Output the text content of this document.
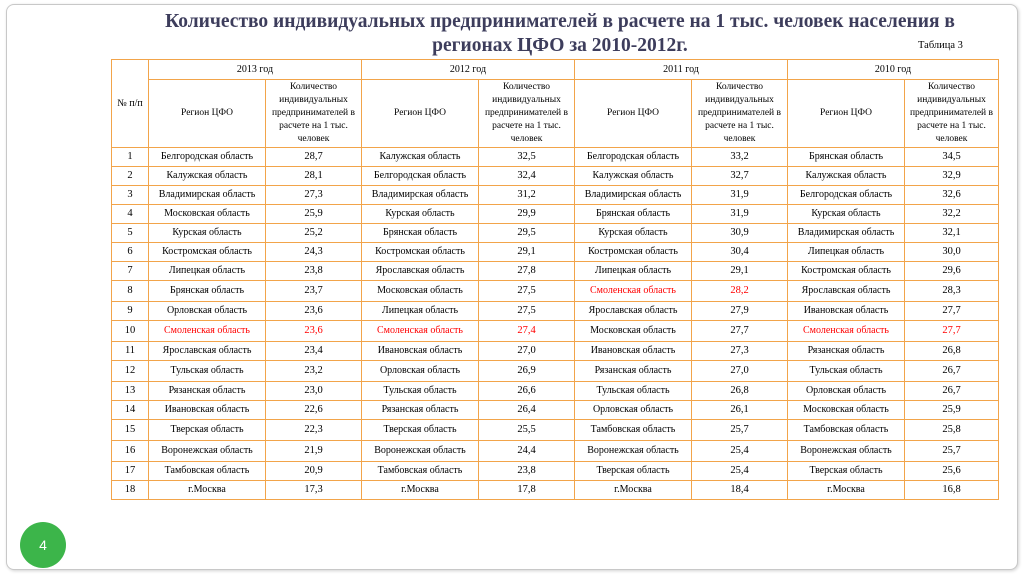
Количество индивидуальных предпринимателей в расчете на 1 тыс. человек населения в регионах ЦФО за 2010-2012г.	Таблица 3
№ п/п	2013 год		2012 год		2011 год		2010 год	
	Регион ЦФО	Количество индивидуальных предпринимателей в расчете на 1 тыс. человек	Регион ЦФО	Количество индивидуальных предпринимателей в расчете на 1 тыс. человек	Регион ЦФО	Количество индивидуальных предпринимателей в расчете на 1 тыс. человек	Регион ЦФО	Количество индивидуальных предпринимателей в расчете на 1 тыс. человек
1	Белгородская область	28,7	Калужская область	32,5	Белгородская область	33,2	Брянская область	34,5
2	Калужская область	28,1	Белгородская область	32,4	Калужская область	32,7	Калужская область	32,9
3	Владимирская область	27,3	Владимирская область	31,2	Владимирская область	31,9	Белгородская область	32,6
4	Московская область	25,9	Курская область	29,9	Брянская область	31,9	Курская область	32,2
5	Курская область	25,2	Брянская область	29,5	Курская область	30,9	Владимирская область	32,1
6	Костромская область	24,3	Костромская область	29,1	Костромская область	30,4	Липецкая область	30,0
7	Липецкая область	23,8	Ярославская область	27,8	Липецкая область	29,1	Костромская область	29,6
8	Брянская область	23,7	Московская область	27,5	Смоленская область	28,2	Ярославская область	28,3
9	Орловская область	23,6	Липецкая область	27,5	Ярославская область	27,9	Ивановская область	27,7
10	Смоленская область	23,6	Смоленская область	27,4	Московская область	27,7	Смоленская область	27,7
11	Ярославская область	23,4	Ивановская область	27,0	Ивановская область	27,3	Рязанская область	26,8
12	Тульская область	23,2	Орловская область	26,9	Рязанская область	27,0	Тульская область	26,7
13	Рязанская область	23,0	Тульская область	26,6	Тульская область	26,8	Орловская область	26,7
14	Ивановская область	22,6	Рязанская область	26,4	Орловская область	26,1	Московская область	25,9
15	Тверская область	22,3	Тверская область	25,5	Тамбовская область	25,7	Тамбовская область	25,8
16	Воронежская область	21,9	Воронежская область	24,4	Воронежская область	25,4	Воронежская область	25,7
17	Тамбовская область	20,9	Тамбовская область	23,8	Тверская область	25,4	Тверская область	25,6
18	г.Москва	17,3	г.Москва	17,8	г.Москва	18,4	г.Москва	16,8
4
